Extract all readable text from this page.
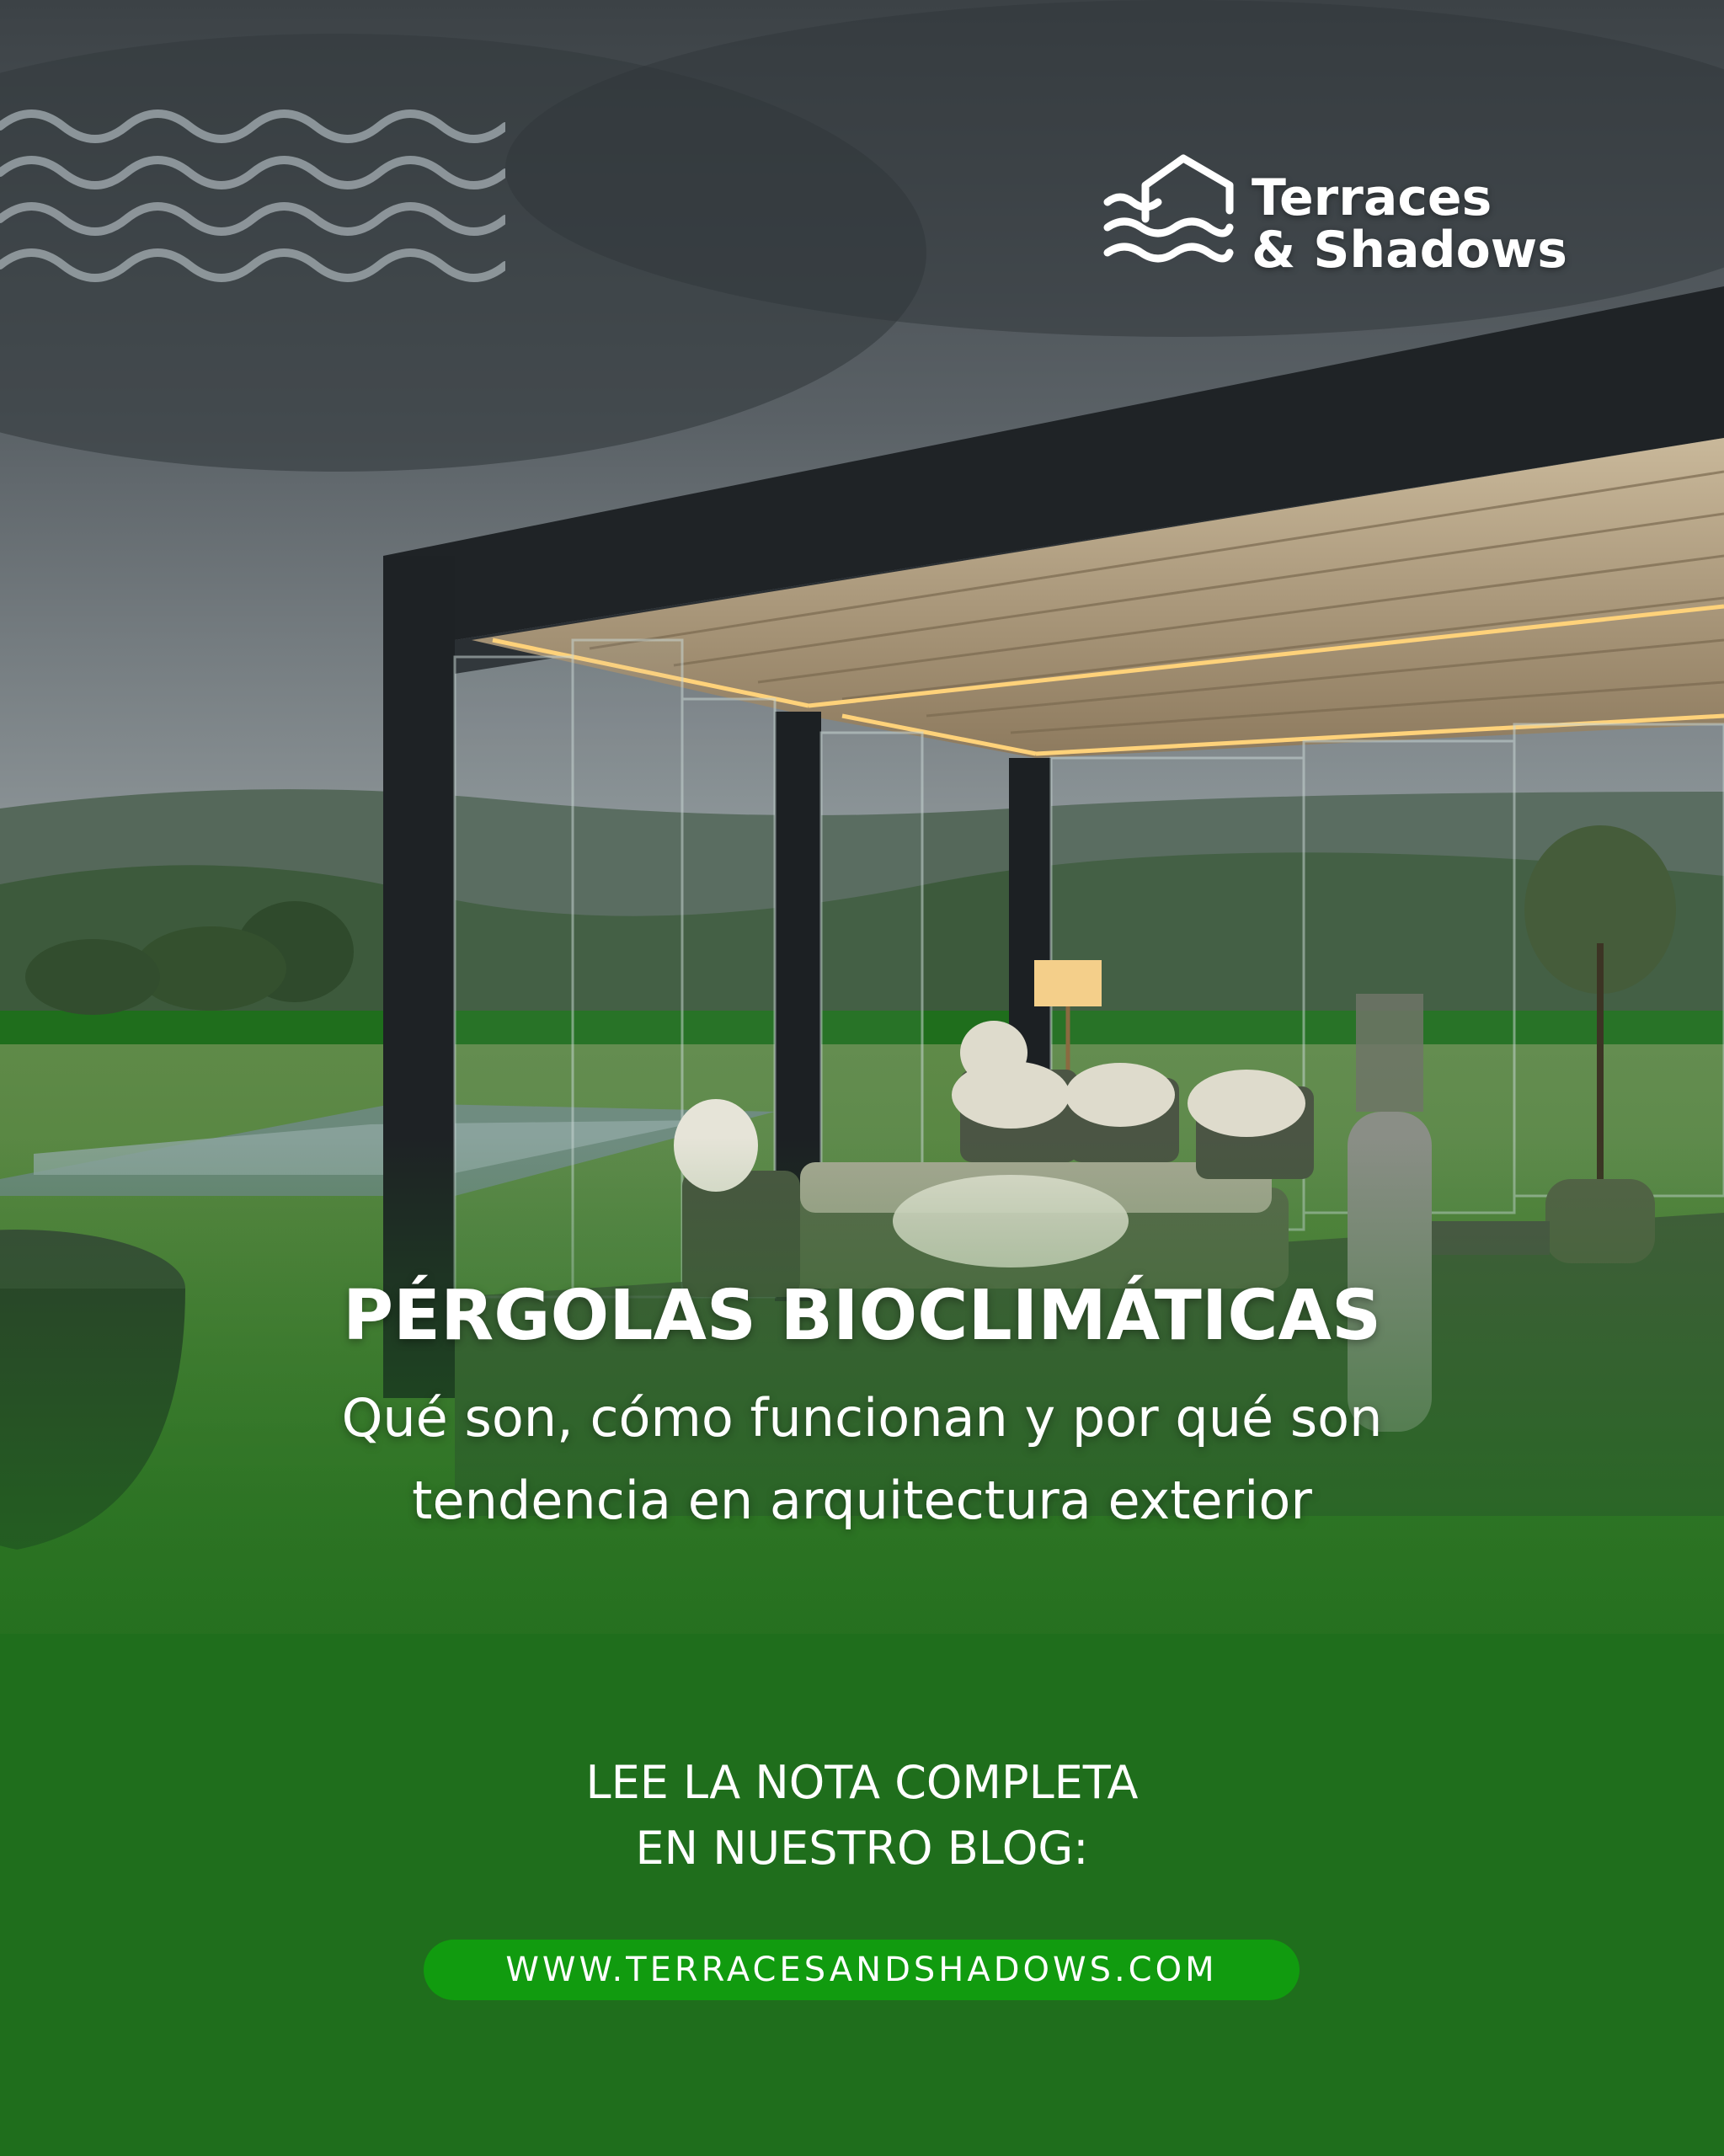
Terraces
& Shadows
PÉRGOLAS BIOCLIMÁTICAS
Qué son, cómo funcionan y por qué son
tendencia en arquitectura exterior
LEE LA NOTA COMPLETA
EN NUESTRO BLOG:
WWW.TERRACESANDSHADOWS.COM
